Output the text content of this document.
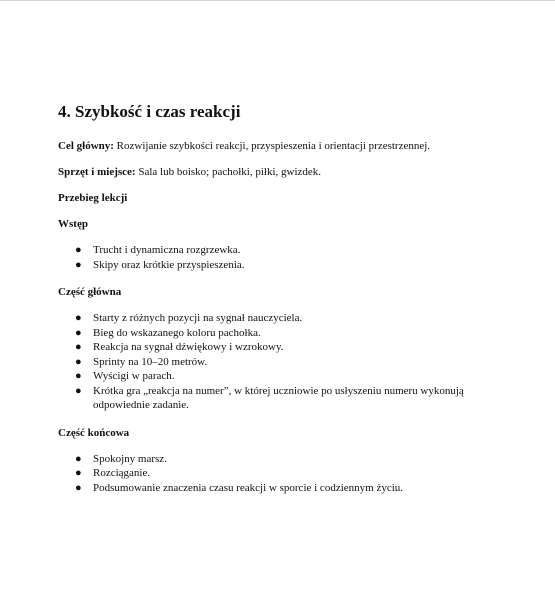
4. Szybkość i czas reakcji

Cel główny: Rozwijanie szybkości reakcji, przyspieszenia i orientacji przestrzennej.

Sprzęt i miejsce: Sala lub boisko; pachołki, piłki, gwizdek.

Przebieg lekcji
Wstęp
● Trucht i dynamiczna rozgrzewka.
● Skipy oraz krótkie przyspieszenia.
Część główna
● Starty z różnych pozycji na sygnał nauczyciela.
● Bieg do wskazanego koloru pachołka.
● Reakcja na sygnał dźwiękowy i wzrokowy.
● Sprinty na 10–20 metrów.
● Wyścigi w parach.
● Krótka gra „reakcja na numer”, w której uczniowie po usłyszeniu numeru wykonują odpowiednie zadanie.
Część końcowa
● Spokojny marsz.
● Rozciąganie.
● Podsumowanie znaczenia czasu reakcji w sporcie i codziennym życiu.
